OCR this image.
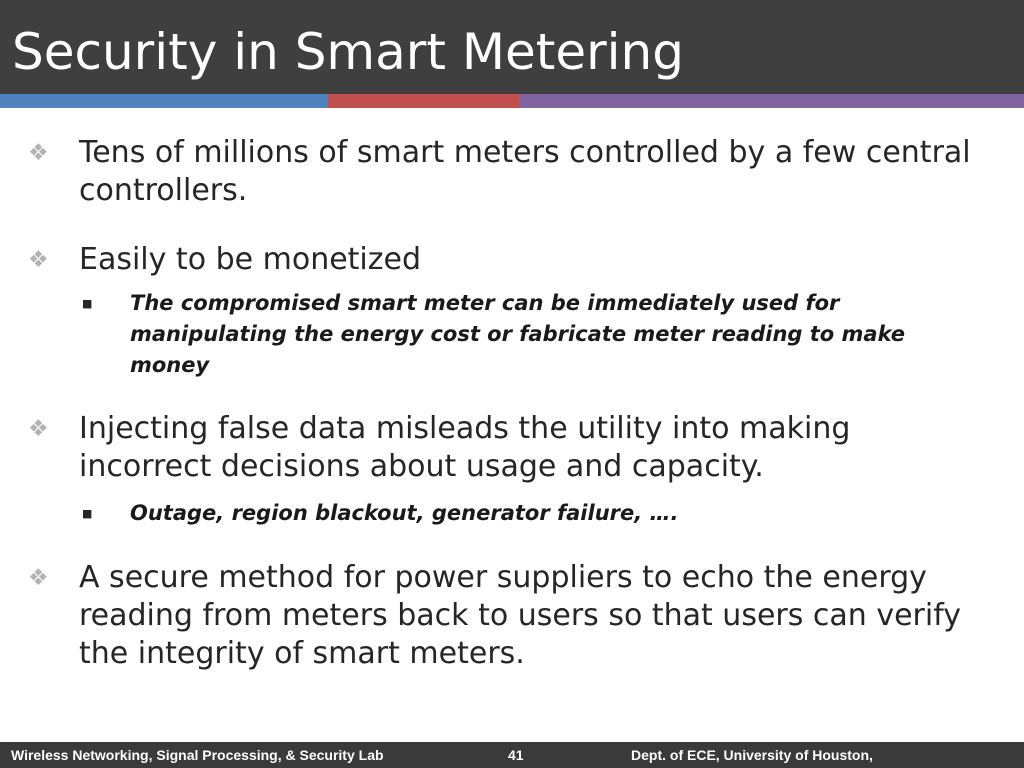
Security in Smart Metering
❖ Tens of millions of smart meters controlled by a few central controllers.

❖ Easily to be monetized

■ The compromised smart meter can be immediately used for manipulating the energy cost or fabricate meter reading to make money

❖ Injecting false data misleads the utility into making incorrect decisions about usage and capacity.

■ Outage, region blackout, generator failure, ….

❖ A secure method for power suppliers to echo the energy reading from meters back to users so that users can verify the integrity of smart meters.

Wireless Networking, Signal Processing, & Security Lab	41	Dept. of ECE, University of Houston,
